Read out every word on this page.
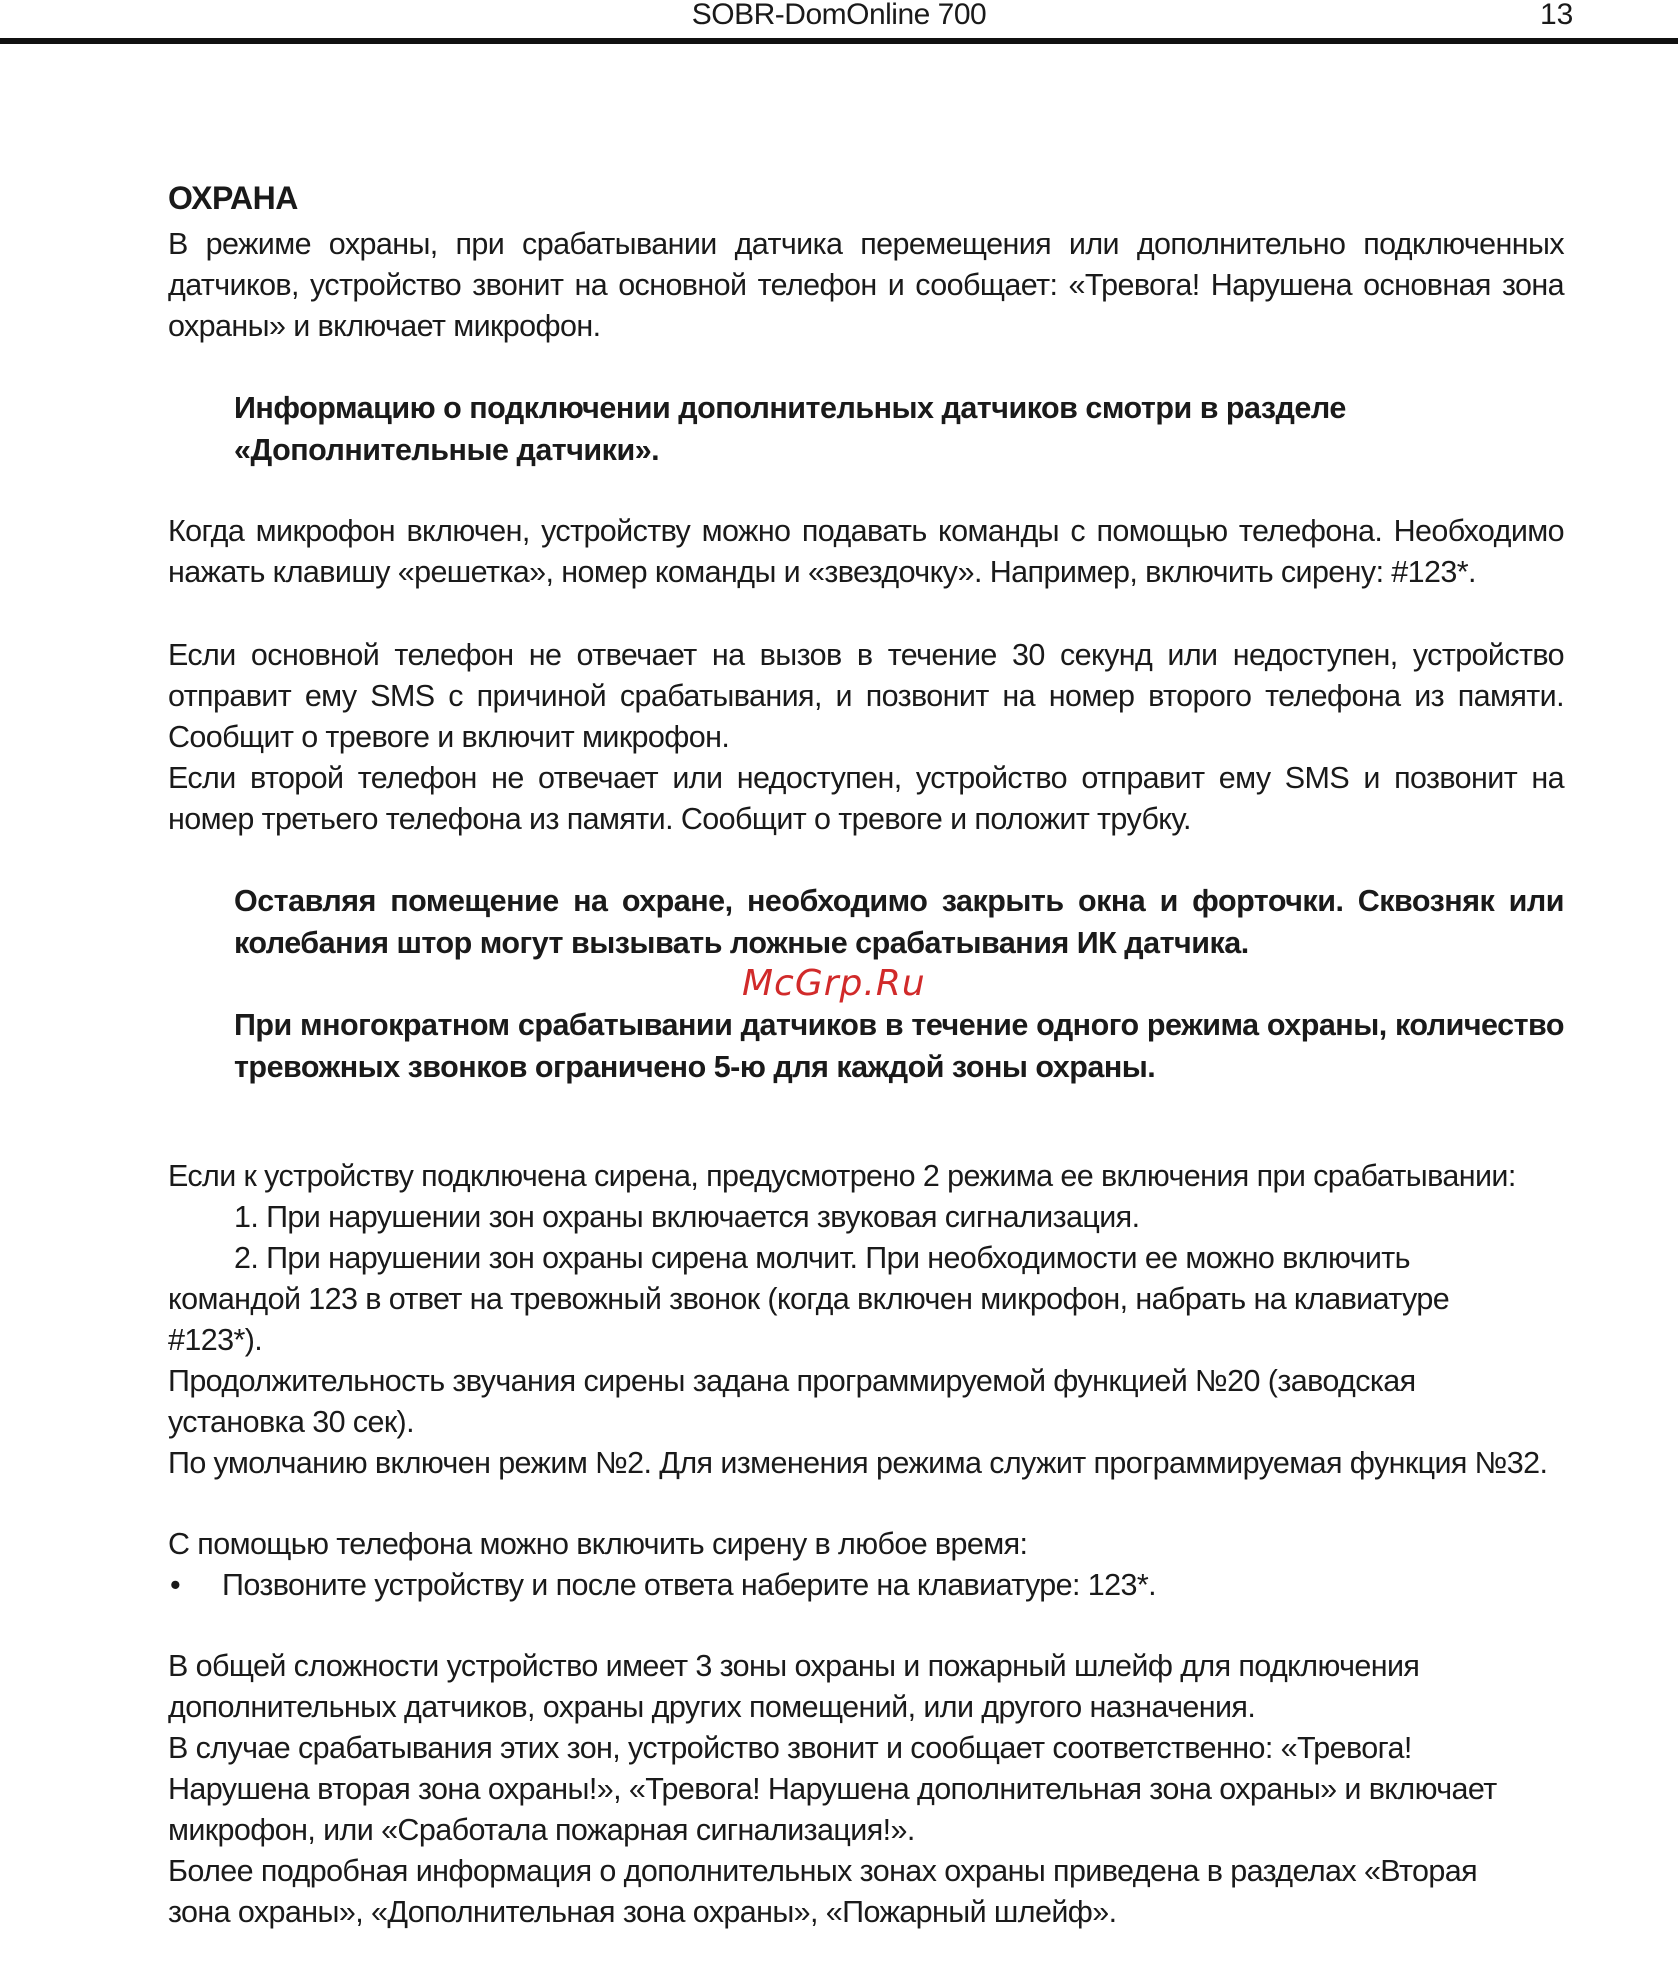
SOBR-DomOnline 700	13
ОХРАНА

В режиме охраны, при срабатывании датчика перемещения или дополнительно подключенных датчиков, устройство звонит на основной телефон и сообщает: «Тревога! Нарушена основная зона охраны» и включает микрофон.

Информацию о подключении дополнительных датчиков смотри в разделе «Дополнительные датчики».

Когда микрофон включен, устройству можно подавать команды с помощью телефона. Необходимо нажать клавишу «решетка», номер команды и «звездочку». Например, включить сирену: #123*.

Если основной телефон не отвечает на вызов в течение 30 секунд или недоступен, устройство отправит ему SMS с причиной срабатывания, и позвонит на номер второго телефона из памяти. Сообщит о тревоге и включит микрофон.

Если второй телефон не отвечает или недоступен, устройство отправит ему SMS и позвонит на номер третьего телефона из памяти. Сообщит о тревоге и положит трубку.

Оставляя помещение на охране, необходимо закрыть окна и форточки. Сквозняк или колебания штор могут вызывать ложные срабатывания ИК датчика.

При многократном срабатывании датчиков в течение одного режима охраны, количество тревожных звонков ограничено 5-ю для каждой зоны охраны.

Если к устройству подключена сирена, предусмотрено 2 режима ее включения при срабатывании:

1. При нарушении зон охраны включается звуковая сигнализация.

2. При нарушении зон охраны сирена молчит. При необходимости ее можно включить

командой 123 в ответ на тревожный звонок (когда включен микрофон, набрать на клавиатуре

#123*).

Продолжительность звучания сирены задана программируемой функцией №20 (заводская

установка 30 сек).

По умолчанию включен режим №2. Для изменения режима служит программируемая функция №32.

С помощью телефона можно включить сирену в любое время:

• Позвоните устройству и после ответа наберите на клавиатуре: 123*.

В общей сложности устройство имеет 3 зоны охраны и пожарный шлейф для подключения

дополнительных датчиков, охраны других помещений, или другого назначения.

В случае срабатывания этих зон, устройство звонит и сообщает соответственно: «Тревога!

Нарушена вторая зона охраны!», «Тревога! Нарушена дополнительная зона охраны» и включает

микрофон, или «Сработала пожарная сигнализация!».

Более подробная информация о дополнительных зонах охраны приведена в разделах «Вторая

зона охраны», «Дополнительная зона охраны», «Пожарный шлейф».

McGrp.Ru
